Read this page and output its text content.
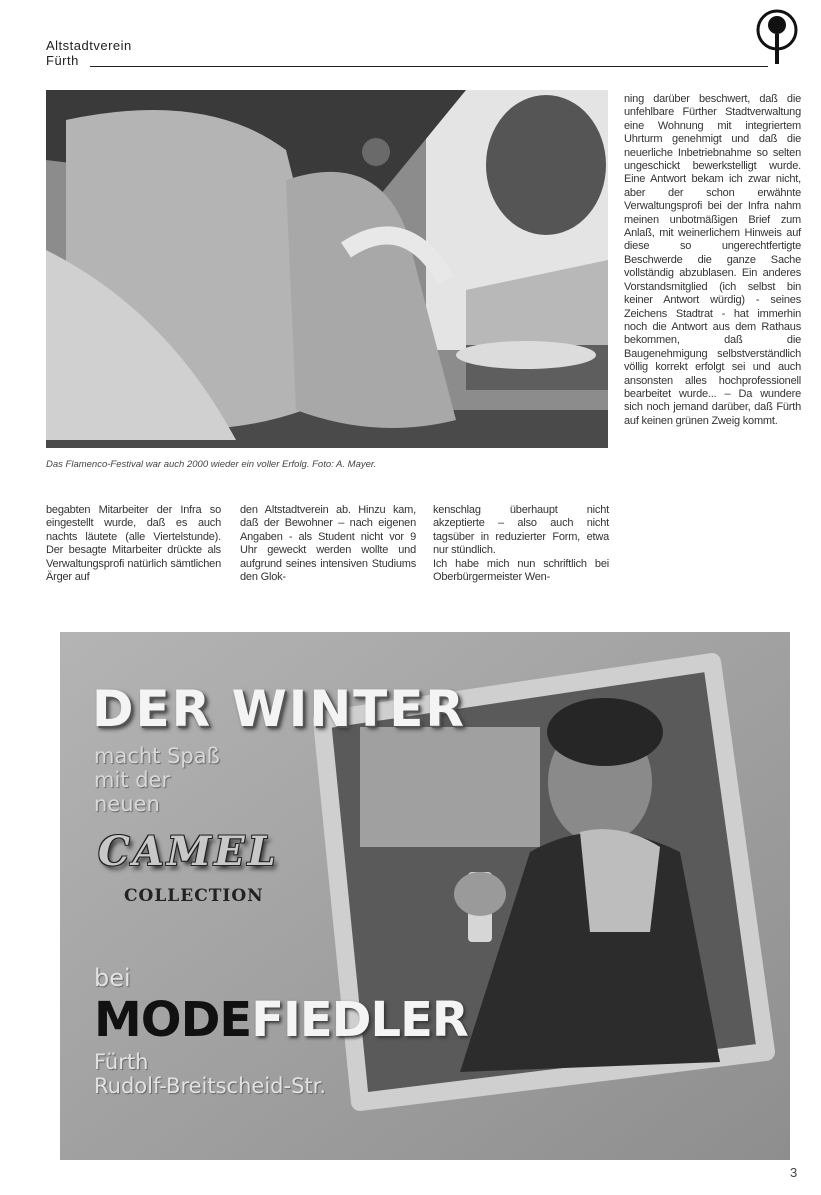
Altstadtverein
Fürth
Das Flamenco-Festival war auch 2000 wieder ein voller Erfolg. Foto: A. Mayer.

begabten Mitarbeiter der Infra so eingestellt wurde, daß es auch nachts läutete (alle Viertelstunde). Der besagte Mitarbeiter drückte als Verwaltungsprofi natürlich sämtlichen Ärger auf

den Altstadtverein ab. Hinzu kam, daß der Bewohner – nach eigenen Angaben - als Student nicht vor 9 Uhr geweckt werden wollte und aufgrund seines intensiven Studiums den Glok-

kenschlag überhaupt nicht akzeptierte – also auch nicht tagsüber in reduzierter Form, etwa nur stündlich.

Ich habe mich nun schriftlich bei Oberbürgermeister Wen-

ning darüber beschwert, daß die unfehlbare Fürther Stadtverwaltung eine Wohnung mit integriertem Uhrturm genehmigt und daß die neuerliche Inbetriebnahme so selten ungeschickt bewerkstelligt wurde. Eine Antwort bekam ich zwar nicht, aber der schon erwähnte Verwaltungsprofi bei der Infra nahm meinen unbotmäßigen Brief zum Anlaß, mit weinerlichem Hinweis auf diese so ungerechtfertigte Beschwerde die ganze Sache vollständig abzublasen. Ein anderes Vorstandsmitglied (ich selbst bin keiner Antwort würdig) - seines Zeichens Stadtrat - hat immerhin noch die Antwort aus dem Rathaus bekommen, daß die Baugenehmigung selbstverständlich völlig korrekt erfolgt sei und auch ansonsten alles hochprofessionell bearbeitet wurde... – Da wundere sich noch jemand darüber, daß Fürth auf keinen grünen Zweig kommt.

DER WINTER
macht Spaß
mit der
neuen
CAMEL
COLLECTION
bei
MODEFIEDLER
Fürth
Rudolf-Breitscheid-Str.
3
